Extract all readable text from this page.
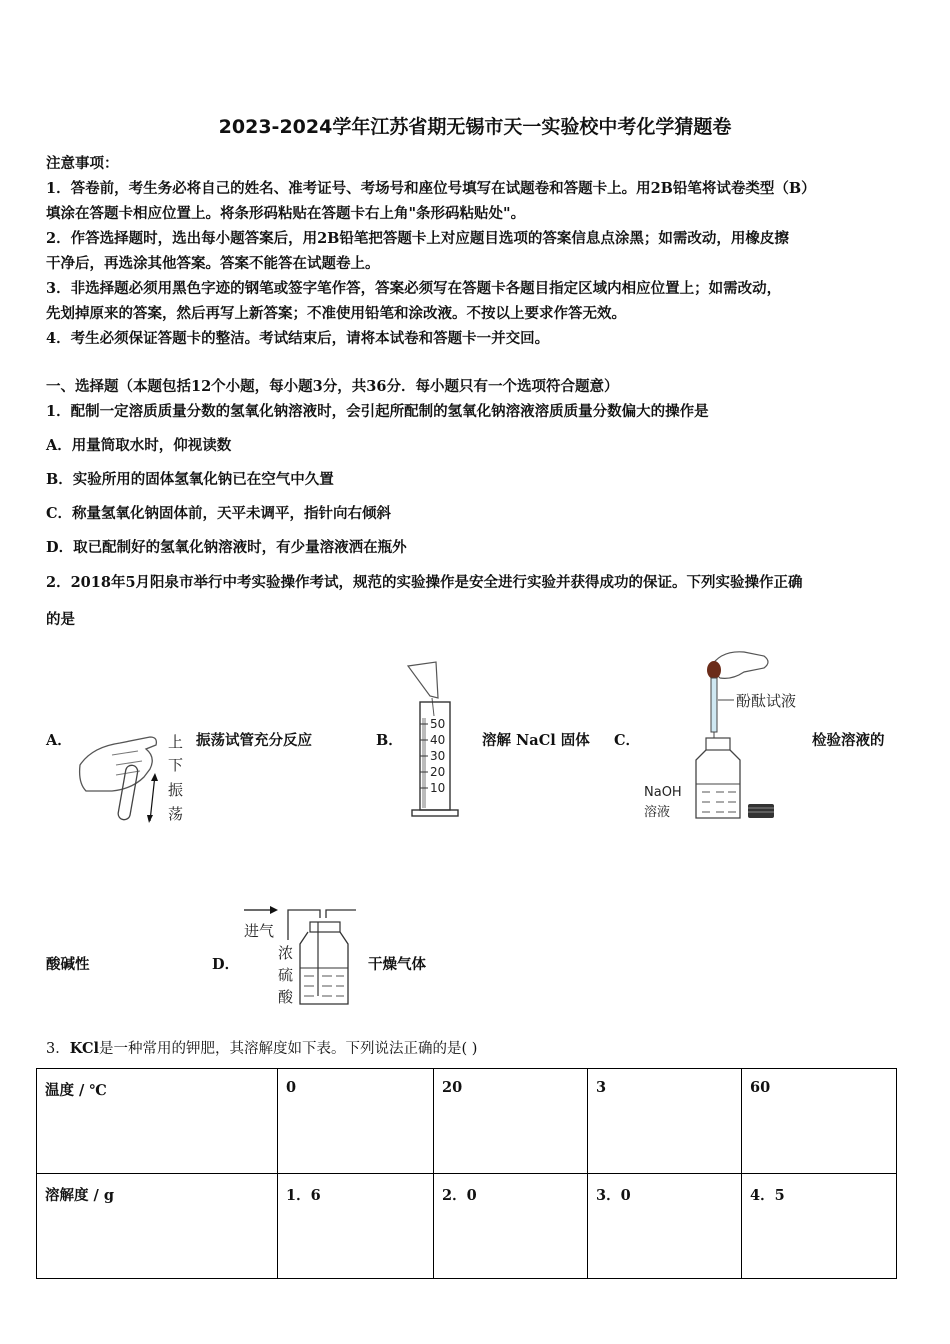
2023-2024学年江苏省期无锡市天一实验校中考化学猜题卷
注意事项：
1．答卷前，考生务必将自己的姓名、准考证号、考场号和座位号填写在试题卷和答题卡上。用2B铅笔将试卷类型（B）
填涂在答题卡相应位置上。将条形码粘贴在答题卡右上角"条形码粘贴处"。
2．作答选择题时，选出每小题答案后，用2B铅笔把答题卡上对应题目选项的答案信息点涂黑；如需改动，用橡皮擦
干净后，再选涂其他答案。答案不能答在试题卷上。
3．非选择题必须用黑色字迹的钢笔或签字笔作答，答案必须写在答题卡各题目指定区域内相应位置上；如需改动，
先划掉原来的答案，然后再写上新答案；不准使用铅笔和涂改液。不按以上要求作答无效。
4．考生必须保证答题卡的整洁。考试结束后，请将本试卷和答题卡一并交回。
一、选择题（本题包括12个小题，每小题3分，共36分．每小题只有一个选项符合题意）
1．配制一定溶质质量分数的氢氧化钠溶液时，会引起所配制的氢氧化钠溶液溶质质量分数偏大的操作是
A．用量筒取水时，仰视读数
B．实验所用的固体氢氧化钠已在空气中久置
C．称量氢氧化钠固体前，天平未调平，指针向右倾斜
D．取已配制好的氢氧化钠溶液时，有少量溶液洒在瓶外
2．2018年5月阳泉市举行中考实验操作考试，规范的实验操作是安全进行实验并获得成功的保证。下列实验操作正确
的是
A．	上
下
振
荡
振荡试管充分反应	B．
50
40
30
20
10
溶解 NaCl 固体 C．
酚酞试液
NaOH
溶液
检验溶液的
酸碱性	D．
进气
浓
硫
酸
干燥气体
3．KCl是一种常用的钾肥，其溶解度如下表。下列说法正确的是( )
温度 / ℃	0	20	3	60
溶解度 / g	1．6	2．0	3．0	4．5
